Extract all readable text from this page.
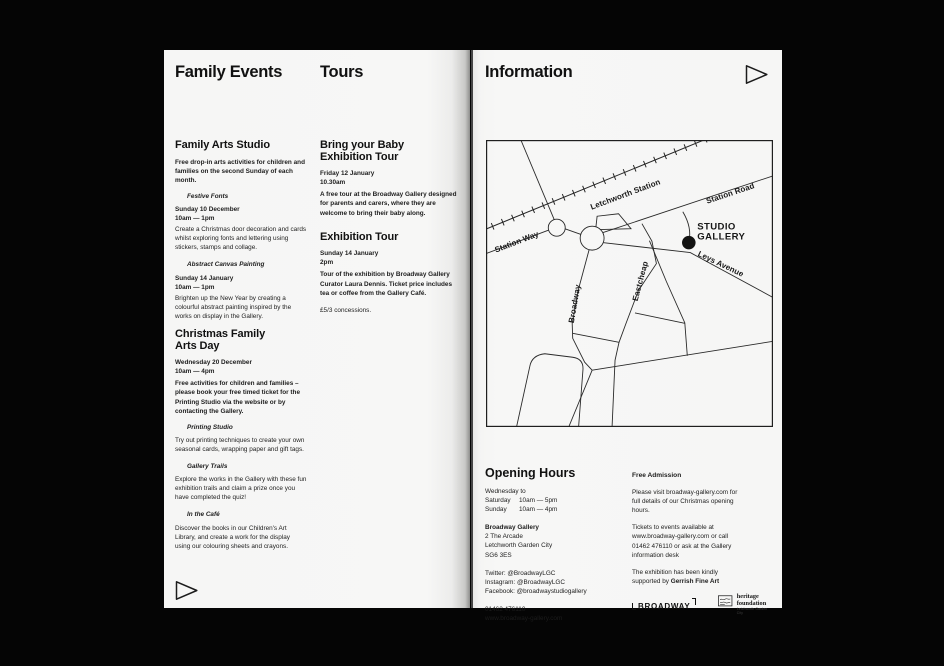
Family Events Tours
Family Arts Studio

Free drop-in arts activities for children and families on the second Sunday of each month.

Festive Fonts

Sunday 10 December

10am — 1pm

Create a Christmas door decoration and cards whilst exploring fonts and lettering using stickers, stamps and collage.

Abstract Canvas Painting

Sunday 14 January

10am — 1pm

Brighten up the New Year by creating a colourful abstract painting inspired by the works on display in the Gallery.

Christmas Family Arts Day

Wednesday 20 December

10am — 4pm

Free activities for children and families – please book your free timed ticket for the Printing Studio via the website or by contacting the Gallery.

Printing Studio

Try out printing techniques to create your own seasonal cards, wrapping paper and gift tags.

Gallery Trails

Explore the works in the Gallery with these fun exhibition trails and claim a prize once you have completed the quiz!

In the Café

Discover the books in our Children's Art Library, and create a work for the display using our colouring sheets and crayons.

Bring your Baby Exhibition Tour

Friday 12 January

10.30am

A free tour at the Broadway Gallery designed for parents and carers, where they are welcome to bring their baby along.

Exhibition Tour

Sunday 14 January

2pm

Tour of the exhibition by Broadway Gallery Curator Laura Dennis. Ticket price includes tea or coffee from the Gallery Café.

£5/3 concessions.

Information
Station Way
Letchworth Station	Station Road
Leys Avenue
Broadway
Eastcheap
STUDIO
GALLERY

Opening Hours

Wednesday to

Saturday	10am — 5pm
Sunday	10am — 4pm

Broadway Gallery

2 The Arcade

Letchworth Garden City

SG6 3ES

Twitter: @BroadwayLGC

Instagram: @BroadwayLGC

Facebook: @broadwaystudiogallery

01462 476110

www.broadway-gallery.com

Free Admission

Please visit broadway-gallery.com for full details of our Christmas opening hours.

Tickets to events available at www.broadway-gallery.com or call 01462 476110 or ask at the Gallery information desk

The exhibition has been kindly supported by Gerrish Fine Art

BROADWAY
heritage
foundation
Letchworth Garden City
